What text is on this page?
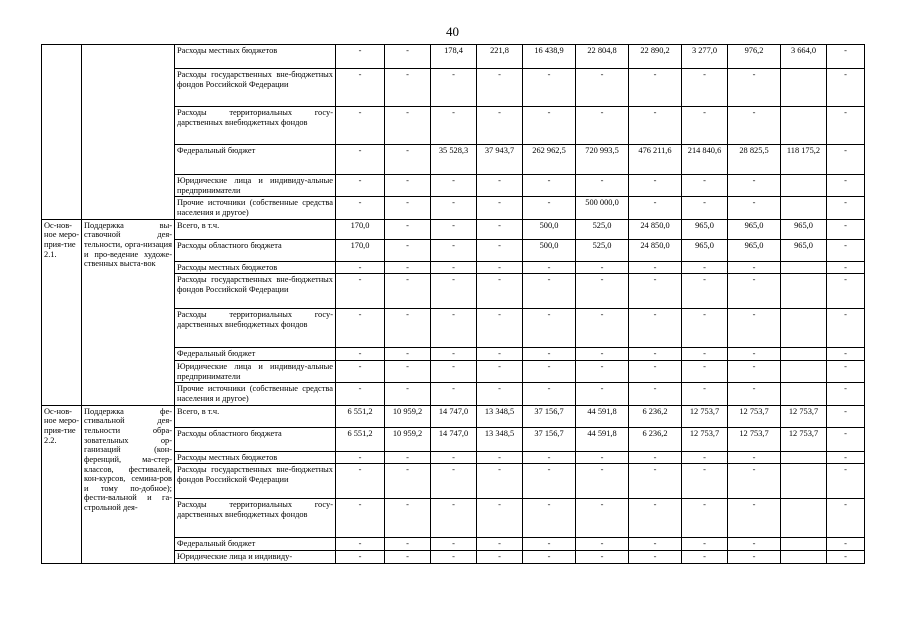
40
		Расходы местных бюджетов	-	-	178,4	221,8	16 438,9	22 804,8	22 890,2	3 277,0	976,2	3 664,0	-
		Расходы государственных вне-бюджетных фондов Российской Федерации	-	-	-	-	-	-	-	-	-		-
		Расходы территориальных госу-дарственных внебюджетных фондов	-	-	-	-	-	-	-	-	-		-
		Федеральный бюджет	-	-	35 528,3	37 943,7	262 962,5	720 993,5	476 211,6	214 840,6	28 825,5	118 175,2	-
		Юридические лица и индивиду-альные предприниматели	-	-	-	-	-	-	-	-	-		-
		Прочие источники (собственные средства населения и другое)	-	-	-	-	-	500 000,0	-	-	-		-
Ос-нов-ное меро-прия-тие 2.1.	Поддержка вы-ставочной дея-тельности, орга-низация и про-ведение художе-ственных выста-вок	Всего, в т.ч.	170,0	-	-	-	500,0	525,0	24 850,0	965,0	965,0	965,0	-
		Расходы областного бюджета	170,0	-	-	-	500,0	525,0	24 850,0	965,0	965,0	965,0	-
		Расходы местных бюджетов	-	-	-	-	-	-	-	-	-		-
		Расходы государственных вне-бюджетных фондов Российской Федерации	-	-	-	-	-	-	-	-	-		-
		Расходы территориальных госу-дарственных внебюджетных фондов	-	-	-	-	-	-	-	-	-		-
		Федеральный бюджет	-	-	-	-	-	-	-	-	-		-
		Юридические лица и индивиду-альные предприниматели	-	-	-	-	-	-	-	-	-		-
		Прочие источники (собственные средства населения и другое)	-	-	-	-	-	-	-	-	-		-
Ос-нов-ное меро-прия-тие 2.2.	Поддержка фе-стивальной дея-тельности обра-зовательных ор-ганизаций (кон-ференций, ма-стер-классов, фестивалей, кон-курсов, семина-ров и тому по-добное); фести-вальной и га-строльной дея-	Всего, в т.ч.	6 551,2	10 959,2	14 747,0	13 348,5	37 156,7	44 591,8	6 236,2	12 753,7	12 753,7	12 753,7	-
		Расходы областного бюджета	6 551,2	10 959,2	14 747,0	13 348,5	37 156,7	44 591,8	6 236,2	12 753,7	12 753,7	12 753,7	-
		Расходы местных бюджетов	-	-	-	-	-	-	-	-	-		-
		Расходы государственных вне-бюджетных фондов Российской Федерации	-	-	-	-	-	-	-	-	-		-
		Расходы территориальных госу-дарственных внебюджетных фондов	-	-	-	-	-	-	-	-	-		-
		Федеральный бюджет	-	-	-	-	-	-	-	-	-		-
		Юридические лица и индивиду-	-	-	-	-	-	-	-	-	-		-
